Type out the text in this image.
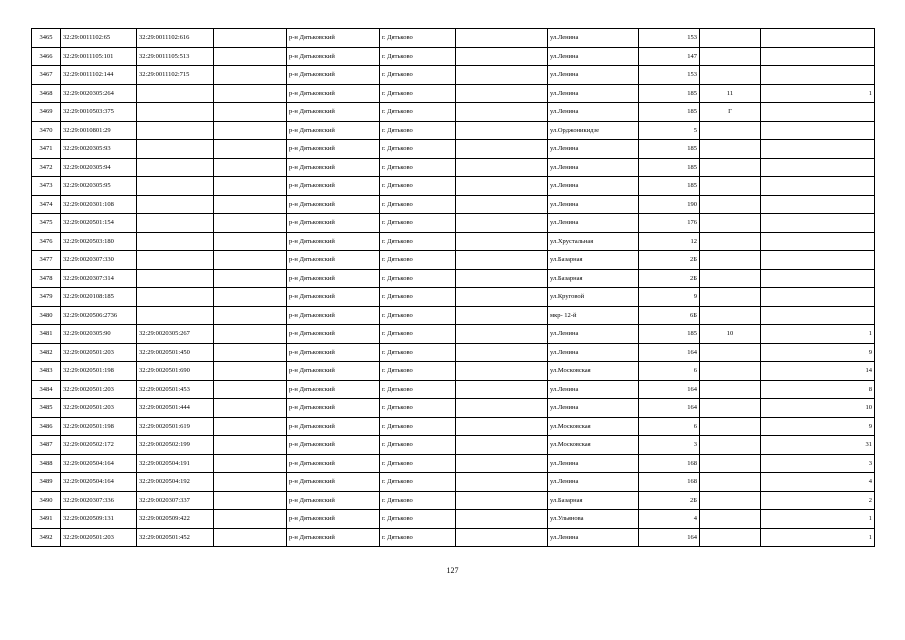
3465	32:29:0011102:65	32:29:0011102:616		р-н Дятьковский	г. Дятьково		ул.Ленина	153		
3466	32:29:0011105:101	32:29:0011105:513		р-н Дятьковский	г. Дятьково		ул.Ленина	147		
3467	32:29:0011102:144	32:29:0011102:715		р-н Дятьковский	г. Дятьково		ул.Ленина	153		
3468	32:29:0020305:264			р-н Дятьковский	г. Дятьково		ул.Ленина	185	11	1
3469	32:29:0010503:375			р-н Дятьковский	г. Дятьково		ул.Ленина	185	Г	
3470	32:29:0010801:29			р-н Дятьковский	г. Дятьково		ул.Орджоникидзе	5		
3471	32:29:0020305:93			р-н Дятьковский	г. Дятьково		ул.Ленина	185		
3472	32:29:0020305:94			р-н Дятьковский	г. Дятьково		ул.Ленина	185		
3473	32:29:0020305:95			р-н Дятьковский	г. Дятьково		ул.Ленина	185		
3474	32:29:0020301:108			р-н Дятьковский	г. Дятьково		ул.Ленина	190		
3475	32:29:0020501:154			р-н Дятьковский	г. Дятьково		ул.Ленина	176		
3476	32:29:0020503:180			р-н Дятьковский	г. Дятьково		ул.Хрустальная	12		
3477	32:29:0020307:330			р-н Дятьковский	г. Дятьково		ул.Базарная	2Б		
3478	32:29:0020307:314			р-н Дятьковский	г. Дятьково		ул.Базарная	2Б		
3479	32:29:0020108:185			р-н Дятьковский	г. Дятьково		ул.Круговой	9		
3480	32:29:0020506:2736			р-н Дятьковский	г. Дятьково		мкр- 12-й	6Б		
3481	32:29:0020305:90	32:29:0020305:267		р-н Дятьковский	г. Дятьково		ул.Ленина	185	10	1
3482	32:29:0020501:203	32:29:0020501:450		р-н Дятьковский	г. Дятьково		ул.Ленина	164		9
3483	32:29:0020501:198	32:29:0020501:690		р-н Дятьковский	г. Дятьково		ул.Московская	6		14
3484	32:29:0020501:203	32:29:0020501:453		р-н Дятьковский	г. Дятьково		ул.Ленина	164		8
3485	32:29:0020501:203	32:29:0020501:444		р-н Дятьковский	г. Дятьково		ул.Ленина	164		10
3486	32:29:0020501:198	32:29:0020501:619		р-н Дятьковский	г. Дятьково		ул.Московская	6		9
3487	32:29:0020502:172	32:29:0020502:199		р-н Дятьковский	г. Дятьково		ул.Московская	3		31
3488	32:29:0020504:164	32:29:0020504:191		р-н Дятьковский	г. Дятьково		ул.Ленина	168		3
3489	32:29:0020504:164	32:29:0020504:192		р-н Дятьковский	г. Дятьково		ул.Ленина	168		4
3490	32:29:0020307:336	32:29:0020307:337		р-н Дятьковский	г. Дятьково		ул.Базарная	2Б		2
3491	32:29:0020509:131	32:29:0020509:422		р-н Дятьковский	г. Дятьково		ул.Ульянова	4		1
3492	32:29:0020501:203	32:29:0020501:452		р-н Дятьковский	г. Дятьково		ул.Ленина	164		1
127
